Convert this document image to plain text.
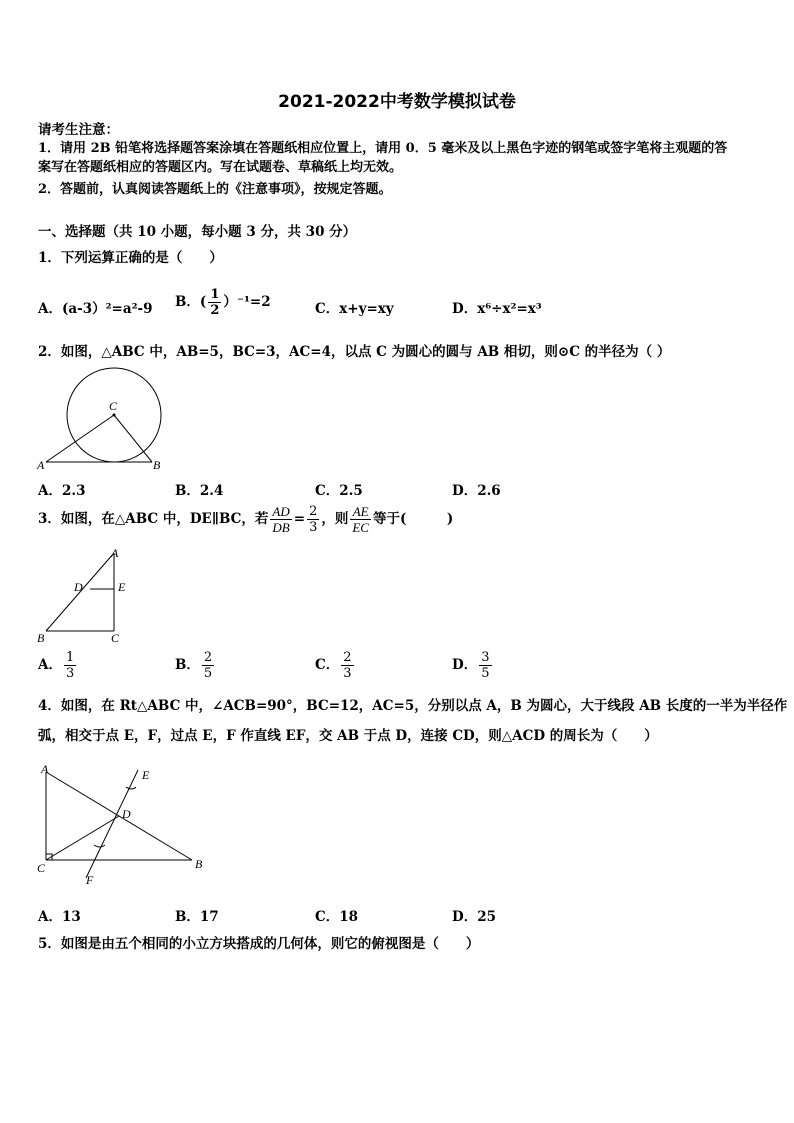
2021-2022中考数学模拟试卷
请考生注意：
1．请用 2B 铅笔将选择题答案涂填在答题纸相应位置上，请用 0．5 毫米及以上黑色字迹的钢笔或签字笔将主观题的答
案写在答题纸相应的答题区内。写在试题卷、草稿纸上均无效。
2．答题前，认真阅读答题纸上的《注意事项》，按规定答题。
一、选择题（共 10 小题，每小题 3 分，共 30 分）
1．下列运算正确的是（　　）
A．(a-3）²=a²-9 B．( $\frac{1}{2} )^{-1}=2$	C．x+y=xy	D．x⁶÷x²=x³
2．如图，△ABC 中，AB=5，BC=3，AC=4，以点 C 为圆心的圆与 AB 相切，则⊙C 的半径为（ ）
C
A	B
A．2.3	B．2.4	C．2.5	D．2.6
3．如图，在△ABC 中，DE∥BC，若 $\frac{AD}{DB} = \frac{2}{3}$ ，则 $\frac{AE}{EC}$ 等于(　　　)
A
D	E
B	C
A． $\frac{1}{3}$	B． $\frac{2}{5}$	C． $\frac{2}{3}$	D． $\frac{3}{5}$
4．如图，在 Rt△ABC 中，∠ACB=90°，BC=12，AC=5，分别以点 A，B 为圆心，大于线段 AB 长度的一半为半径作
弧，相交于点 E，F，过点 E，F 作直线 EF，交 AB 于点 D，连接 CD，则△ACD 的周长为（　　）
A	E
D
C	B
F
A．13	B．17	C．18	D．25
5．如图是由五个相同的小立方块搭成的几何体，则它的俯视图是（　　）
